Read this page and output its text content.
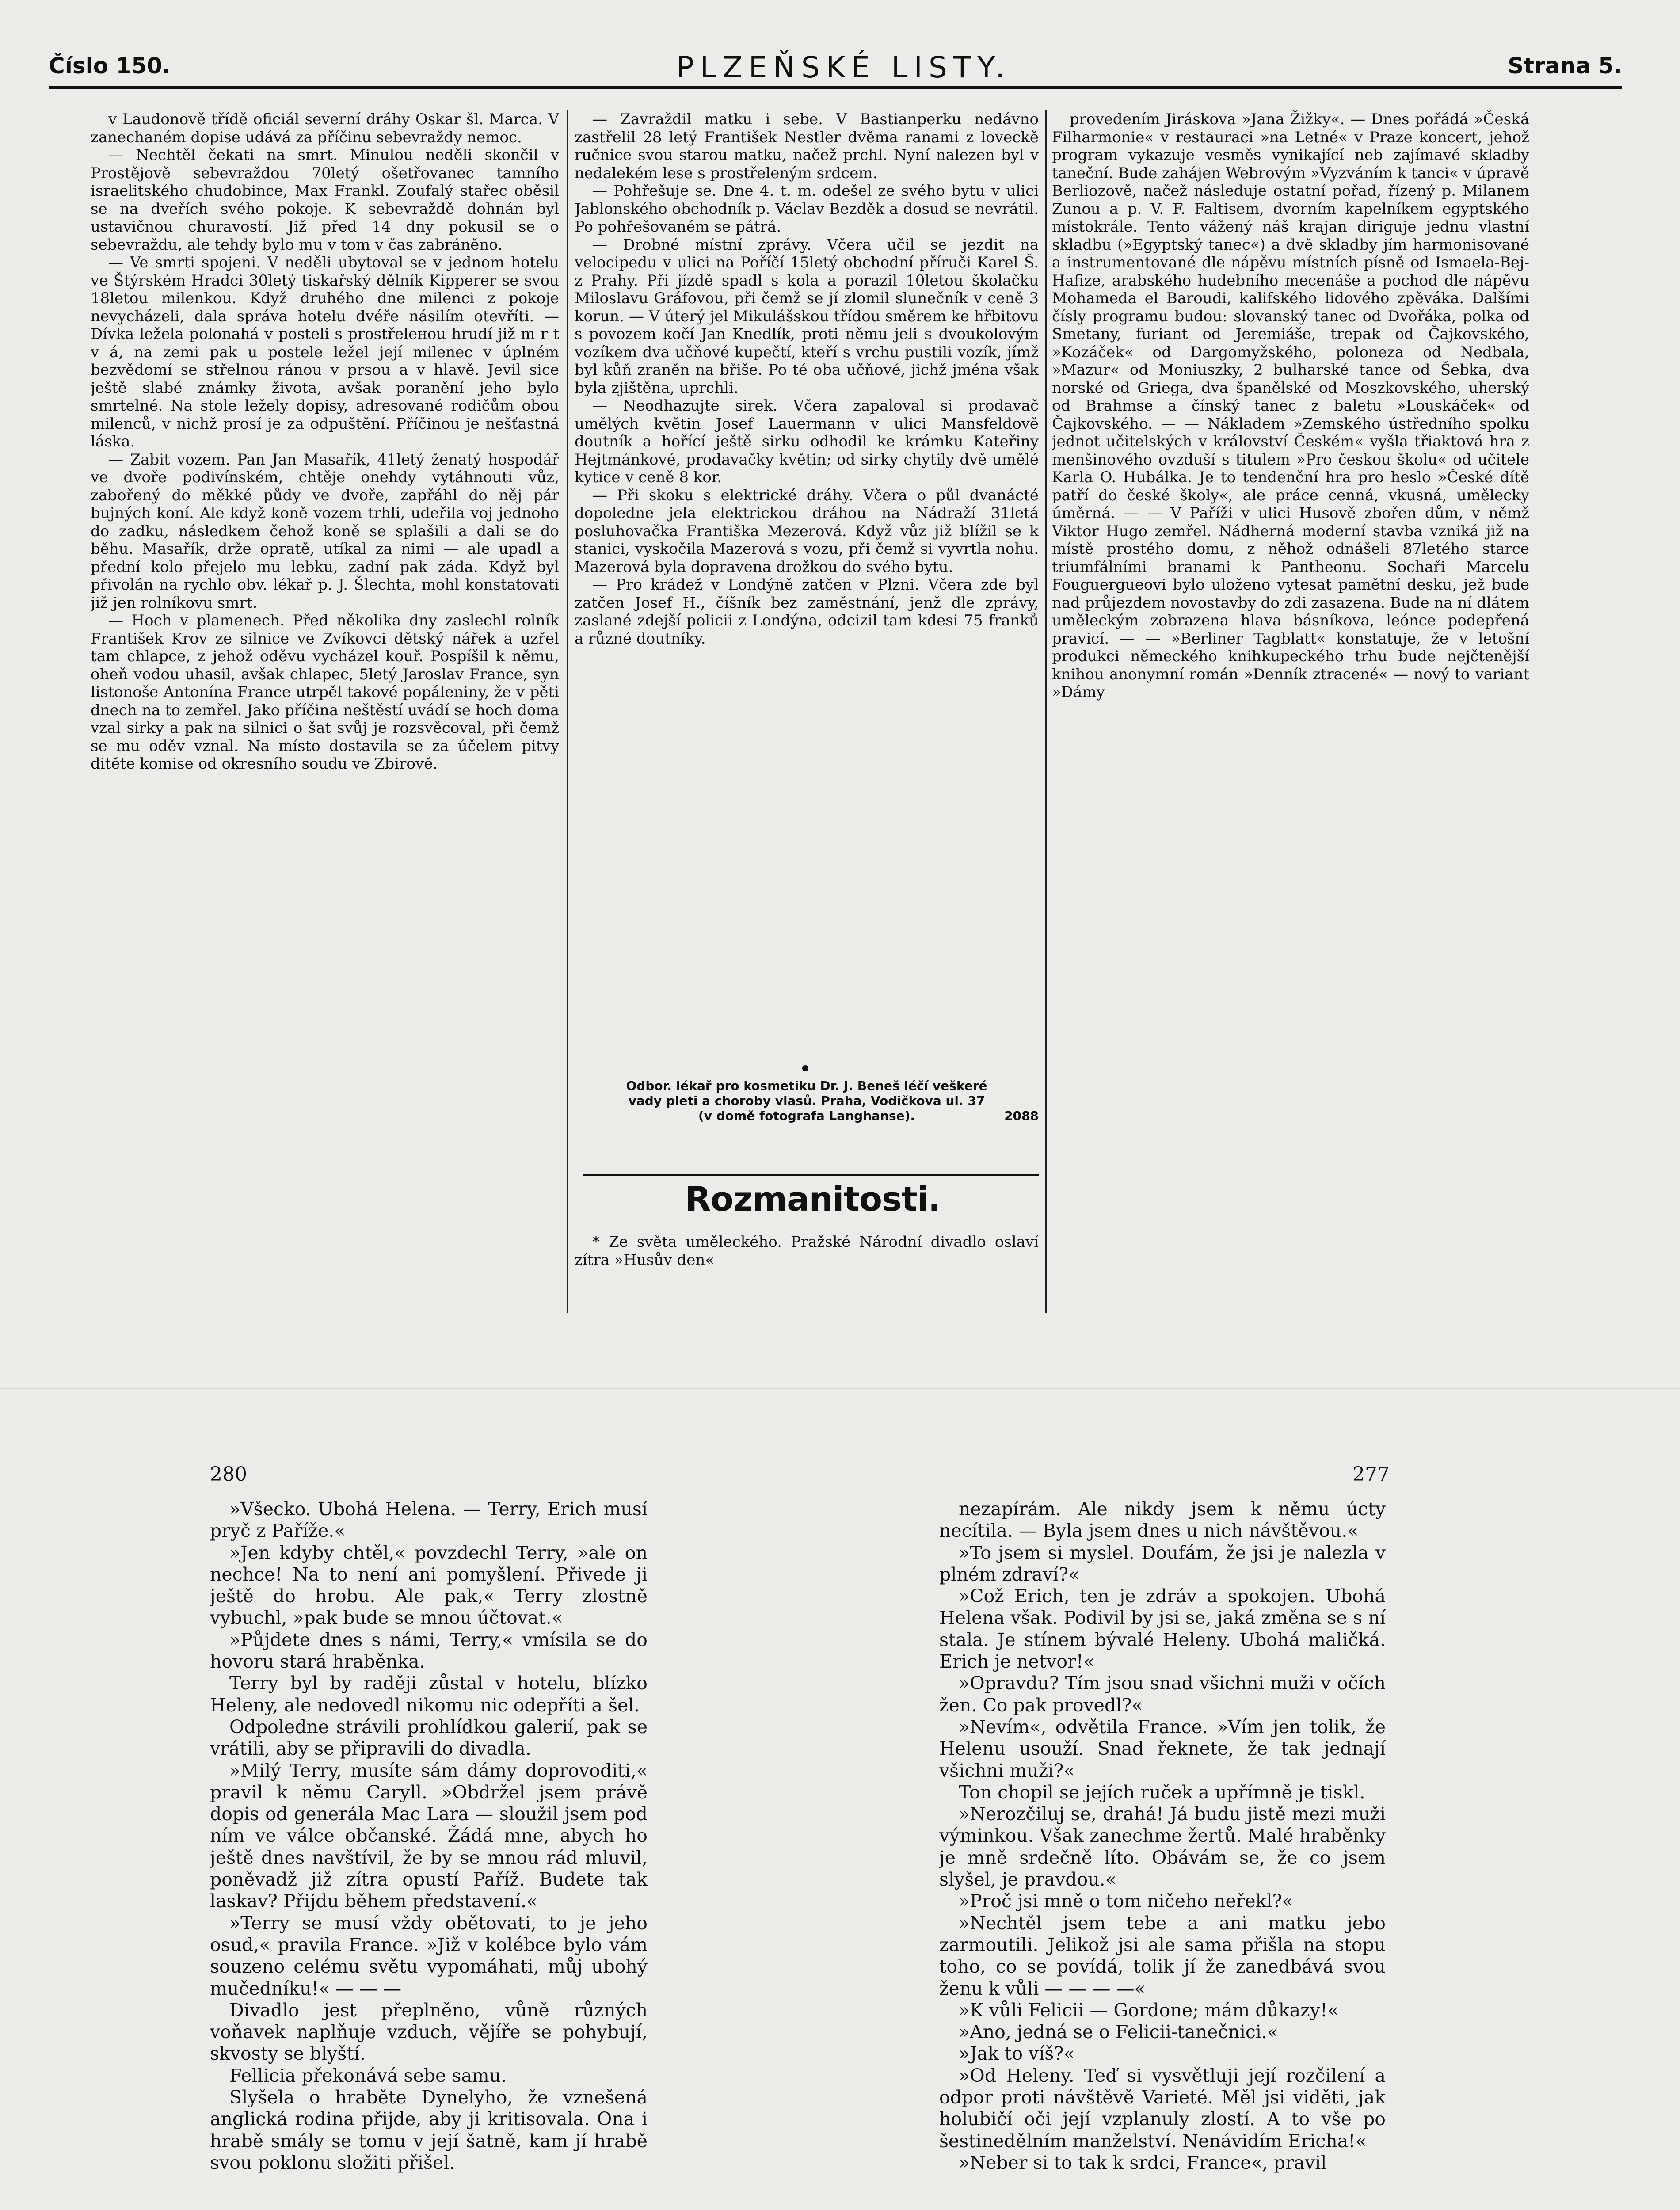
Číslo 150.	PLZEŇSKÉ LISTY.	Strana 5.

v Laudonově třídě oficiál severní dráhy Oskar šl. Marca. V zanechaném dopise udává za příčinu sebevraždy nemoc.

— Nechtěl čekati na smrt. Minulou neděli skončil v Prostějově sebevraždou 70letý ošetřovanec tamního israelitského chudobince, Max Frankl. Zoufalý stařec oběsil se na dveřích svého pokoje. K sebevraždě dohnán byl ustavičnou churavostí. Již před 14 dny pokusil se o sebevraždu, ale tehdy bylo mu v tom v čas zabráněno.

— Ve smrti spojeni. V neděli ubytoval se v jednom hotelu ve Štýrském Hradci 30letý tiskařský dělník Kipperer se svou 18letou milenkou. Když druhého dne milenci z pokoje nevycházeli, dala správa hotelu dvéře násilím otevříti. — Dívka ležela polonahá v posteli s prostřeleнou hrudí již m r t v á, na zemi pak u postele ležel její milenec v úplném bezvědomí se střelnou ránou v prsou a v hlavě. Jevil sice ještě slabé známky života, avšak poranění jeho bylo smrtelné. Na stole ležely dopisy, adresované rodičům obou milenců, v nichž prosí je za odpuštění. Příčinou je nešťastná láska.

— Zabit vozem. Pan Jan Masařík, 41letý ženatý hospodář ve dvoře podivínském, chtěje onehdy vytáhnouti vůz, zabořený do měkké půdy ve dvoře, zapřáhl do něj pár bujných koní. Ale když koně vozem trhli, udeřila voj jednoho do zadku, následkem čehož koně se splašili a dali se do běhu. Masařík, drže opratě, utíkal za nimi — ale upadl a přední kolo přejelo mu lebku, zadní pak záda. Když byl přivolán na rychlo obv. lékař p. J. Šlechta, mohl konstatovati již jen rolníkovu smrt.

— Hoch v plamenech. Před několika dny zaslechl rolník František Krov ze silnice ve Zvíkovci dětský nářek a uzřel tam chlapce, z jehož oděvu vycházel kouř. Pospíšil k němu, oheň vodou uhasil, avšak chlapec, 5letý Jaroslav France, syn listonoše Antonína France utrpěl takové popáleniny, že v pěti dnech na to zemřel. Jako příčina neštěstí uvádí se hoch doma vzal sirky a pak na silnici o šat svůj je rozsvěcoval, při čemž se mu oděv vznal. Na místo dostavila se za účelem pitvy ditěte komise od okresního soudu ve Zbirově.

— Zavraždil matku i sebe. V Bastianperku nedávno zastřelil 28 letý František Nestler dvěma ranami z loveckě ručnice svou starou matku, načež prchl. Nyní nalezen byl v nedalekém lese s prostřeleným srdcem.

— Pohřešuje se. Dne 4. t. m. odešel ze svého bytu v ulici Jablonského obchodník p. Václav Bezděk a dosud se nevrátil. Po pohřešovaném se pátrá.

— Drobné místní zprávy. Včera učil se jezdit na velocipedu v ulici na Poříčí 15letý obchodní příruči Karel Š. z Prahy. Při jízdě spadl s kola a porazil 10letou školačku Miloslavu Gráfovou, při čemž se jí zlomil slunečník v ceně 3 korun. — V úterý jel Mikulášskou třídou směrem ke hřbitovu s povozem kočí Jan Knedlík, proti němu jeli s dvoukolovým vozíkem dva učňové kupečtí, kteří s vrchu pustili vozík, jímž byl kůň zraněn na břiše. Po té oba učňové, jichž jména však byla zjištěna, uprchli.

— Neodhazujte sirek. Včera zapaloval si prodavač umělých květin Josef Lauermann v ulici Mansfeldově doutník a hořící ještě sirku odhodil ke krámku Kateřiny Hejtmánkové, prodavačky květin; od sirky chytily dvě umělé kytice v ceně 8 kor.

— Při skoku s elektrické dráhy. Včera o půl dvanácté dopoledne jela elektrickou dráhou na Nádraží 31letá posluhovačka Františka Mezerová. Když vůz již blížil se k stanici, vyskočila Mazerová s vozu, při čemž si vyvrtla nohu. Mazerová byla dopravena drožkou do svého bytu.

— Pro krádež v Londýně zatčen v Plzni. Včera zde byl zatčen Josef H., číšník bez zaměstnání, jenž dle zprávy, zaslané zdejší policii z Londýna, odcizil tam kdesi 75 franků a různé doutníky.

Odbor. lékař pro kosmetiku Dr. J. Beneš léčí veškeré
vady pleti a choroby vlasů. Praha, Vodičkova ul. 37
(v domě fotografa Langhanse).	2088
Rozmanitosti.

* Ze světa uměleckého. Pražské Národní divadlo oslaví zítra »Husův den«

provedením Jiráskova »Jana Žižky«. — Dnes pořádá »Česká Filharmonie« v restauraci »na Letné« v Praze koncert, jehož program vykazuje vesměs vynikající neb zajímavé skladby taneční. Bude zahájen Webrovým »Vyzváním k tanci« v úpravě Berliozově, načež následuje ostatní pořad, řízený p. Milanem Zunou a p. V. F. Faltisem, dvorním kapelníkem egyptského místokrále. Tento vážený náš krajan diriguje jednu vlastní skladbu (»Egyptský tanec«) a dvě skladby jím harmonisované a instrumentované dle nápěvu místních písně od Ismaela-Bej-Hafize, arabského hudebního mecenáše a pochod dle nápěvu Mohameda el Baroudi, kalifského lidového zpěváka. Dalšími čísly programu budou: slovanský tanec od Dvořáka, polka od Smetany, furiant od Jeremiáše, trepak od Čajkovského, »Kozáček« od Dargomyžského, poloneza od Nedbala, »Mazur« od Moniuszky, 2 bulharské tance od Šebka, dva norské od Griega, dva španělské od Moszkovského, uherský od Brahmse a čínský tanec z baletu »Louskáček« od Čajkovského. — — Nákladem »Zemského ústředního spolku jednot učitelských v království Českém« vyšla třiaktová hra z menšinového ovzduší s titulem »Pro českou školu« od učitele Karla O. Hubálka. Je to tendenční hra pro heslo »České dítě patří do české školy«, ale práce cenná, vkusná, umělecky úměrná. — — V Paříži v ulici Husově zbořen dům, v němž Viktor Hugo zemřel. Nádherná moderní stavba vzniká již na místě prostého domu, z něhož odnášeli 87letého starce triumfálními branami k Pantheonu. Sochaři Marcelu Fouguergueovi bylo uloženo vytesat pamětní desku, jež bude nad průjezdem novostavby do zdi zasazena. Bude na ní dlátem uměleckým zobrazena hlava básníkova, leónce podepřená pravicí. — — »Berliner Tagblatt« konstatuje, že v letošní produkci německého knihkupeckého trhu bude nejčtenější knihou anonymní román »Denník ztracené« — nový to variant »Dámy

280

»Všecko. Ubohá Helena. — Terry, Erich musí pryč z Paříže.«

»Jen kdyby chtěl,« povzdechl Terry, »ale on nechce! Na to není ani pomyšlení. Přivede ji ještě do hrobu. Ale pak,« Terry zlostně vybuchl, »pak bude se mnou účtovat.«

»Půjdete dnes s námi, Terry,« vmísila se do hovoru stará hraběnka.

Terry byl by raději zůstal v hotelu, blízko Heleny, ale nedovedl nikomu nic odepříti a šel.

Odpoledne strávili prohlídkou galerií, pak se vrátili, aby se připravili do divadla.

»Milý Terry, musíte sám dámy doprovoditi,« pravil k němu Caryll. »Obdržel jsem právě dopis od generála Mac Lara — sloužil jsem pod ním ve válce občanské. Žádá mne, abych ho ještě dnes navštívil, že by se mnou rád mluvil, poněvadž již zítra opustí Paříž. Budete tak laskav? Přijdu během představení.«

»Terry se musí vždy obětovati, to je jeho osud,« pravila France. »Již v kolébce bylo vám souzeno celému světu vypomáhati, můj ubohý mučedníku!« — — —

Divadlo jest přeplněno, vůně různých voňavek naplňuje vzduch, vějíře se pohybují, skvosty se blyští.

Fellicia překonává sebe samu.

Slyšela o hraběte Dynelyho, že vznešená anglická rodina přijde, aby ji kritisovala. Ona i hrabě smály se tomu v její šatně, kam jí hrabě svou poklonu složiti přišel.

277

nezapírám. Ale nikdy jsem k němu úcty necítila. — Byla jsem dnes u nich návštěvou.«

»To jsem si myslel. Doufám, že jsi je nalezla v plném zdraví?«

»Což Erich, ten je zdráv a spokojen. Ubohá Helena však. Podivil by jsi se, jaká změna se s ní stala. Je stínem bývalé Heleny. Ubohá maličká. Erich je netvor!«

»Opravdu? Tím jsou snad všichni muži v očích žen. Co pak provedl?«

»Nevím«, odvětila France. »Vím jen tolik, že Helenu usouží. Snad řeknete, že tak jednají všichni muži?«

Ton chopil se jejích ruček a upřímně je tiskl.

»Nerozčiluj se, drahá! Já budu jistě mezi muži výminkou. Však zanechme žertů. Malé hraběnky je mně srdečně líto. Obávám se, že co jsem slyšel, je pravdou.«

»Proč jsi mně o tom ničeho neřekl?«

»Nechtěl jsem tebe a ani matku jebo zarmoutili. Jelikož jsi ale sama přišla na stopu toho, co se povídá, tolik jí že zanedbává svou ženu k vůli — — — —«

»K vůli Felicii — Gordone; mám důkazy!«

»Ano, jedná se o Felicii-tanečnici.«

»Jak to víš?«

»Od Heleny. Teď si vysvětluji její rozčilení a odpor proti návštěvě Varieté. Měl jsi viděti, jak holubičí oči její vzplanuly zlostí. A to vše po šestinedělním manželství. Nenávidím Ericha!«

»Neber si to tak k srdci, France«, pravil
